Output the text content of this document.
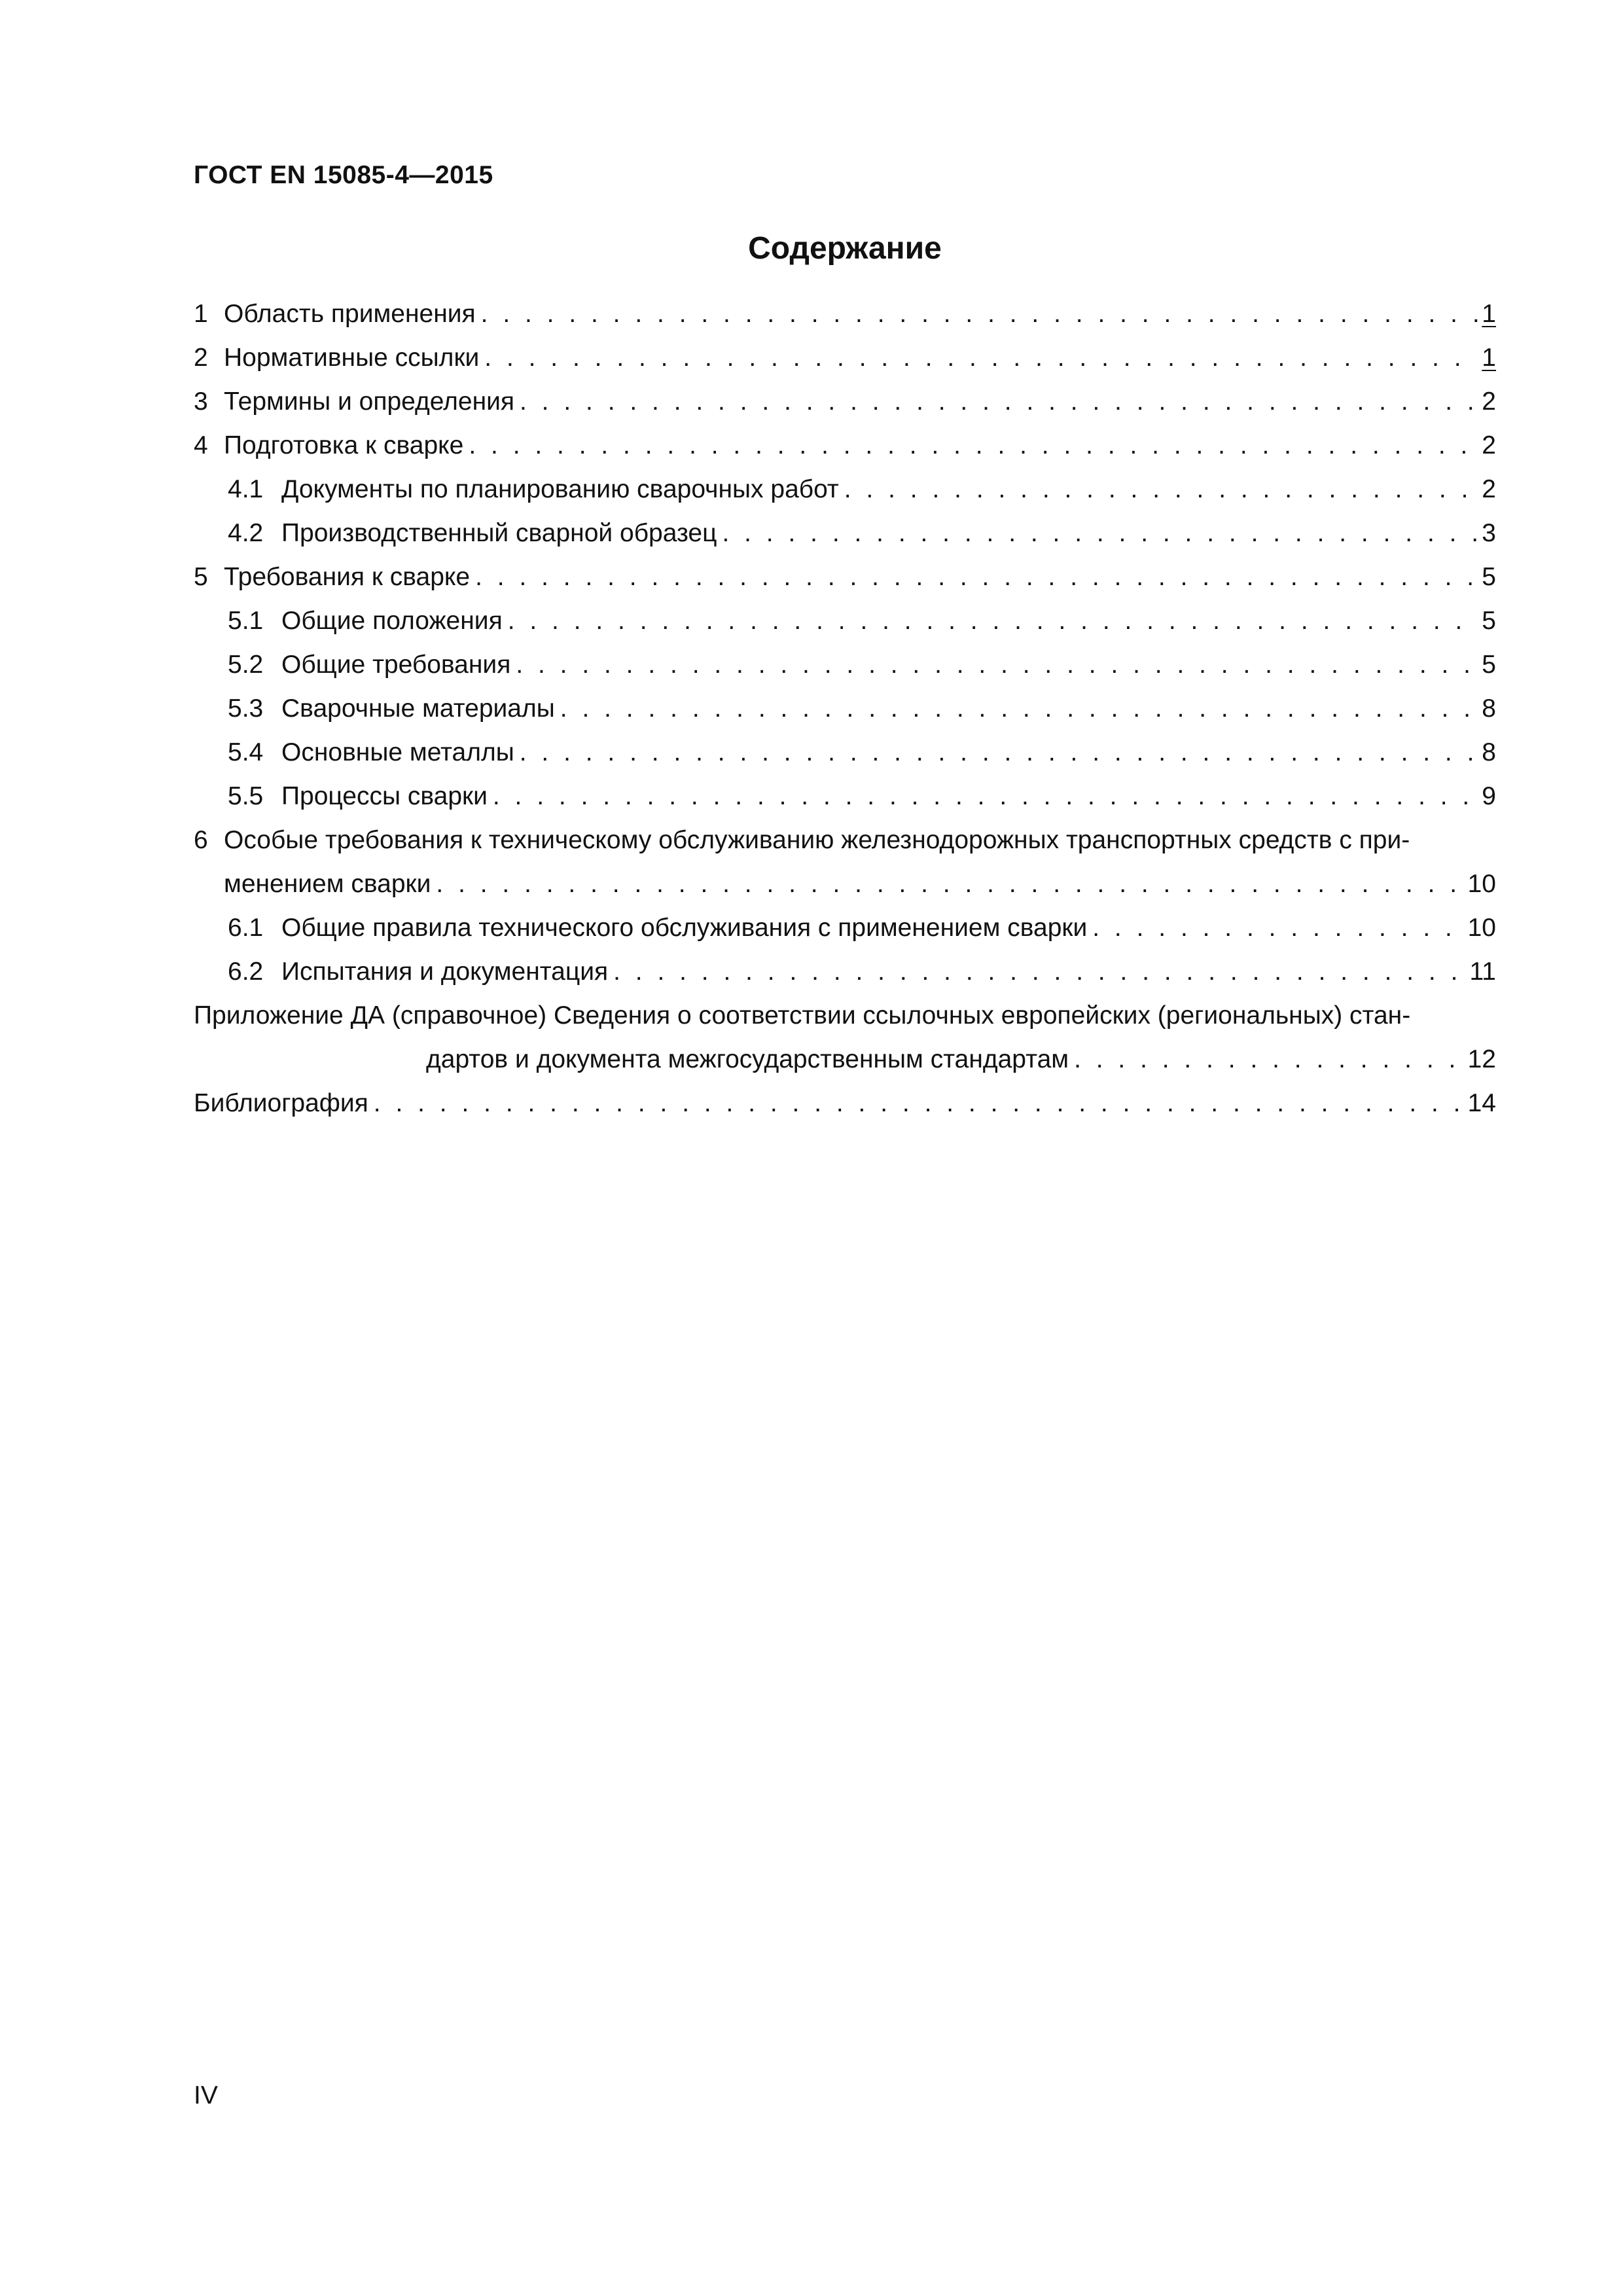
ГОСТ EN 15085-4—2015

Содержание
1 Область применения . . .	1
2 Нормативные ссылки . . .	1
3 Термины и определения . . .	2
4 Подготовка к сварке . . .	2
4.1 Документы по планированию сварочных работ . . .	2
4.2 Производственный сварной образец . . .	3
5 Требования к сварке . . .	5
5.1 Общие положения . . .	5
5.2 Общие требования . . .	5
5.3 Сварочные материалы . . .	8
5.4 Основные металлы . . .	8
5.5 Процессы сварки . . .	9
6 Особые требования к техническому обслуживанию железнодорожных транспортных средств с при-
менением сварки . . .	10
6.1 Общие правила технического обслуживания с применением сварки . . .	10
6.2 Испытания и документация . . .	11
Приложение ДА (справочное) Сведения о соответствии ссылочных европейских (региональных) стан-
дартов и документа межгосударственным стандартам . . .	12
Библиография . . .	14

IV
